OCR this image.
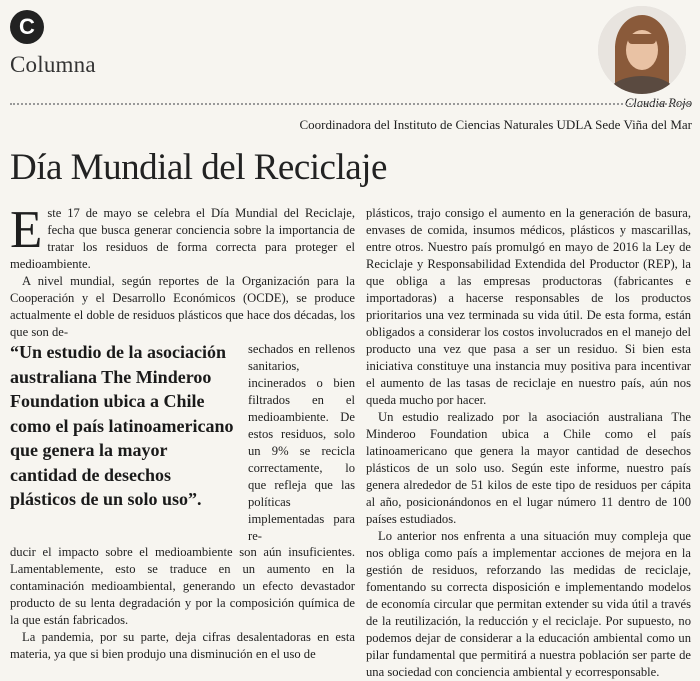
C
Columna
Claudia Rojo
Coordinadora del Instituto de Ciencias Naturales UDLA Sede Viña del Mar
Día Mundial del Reciclaje

Este 17 de mayo se celebra el Día Mundial del Reciclaje, fecha que busca generar conciencia sobre la importancia de tratar los residuos de forma correcta para proteger el medioambiente.

A nivel mundial, según reportes de la Organización para la Cooperación y el Desarrollo Económicos (OCDE), se produce actualmente el doble de residuos plásticos que hace dos décadas, los que son de-

“Un estudio de la asociación australiana The Minderoo Foundation ubica a Chile como el país latinoamericano que genera la mayor cantidad de desechos plásticos de un solo uso”.
sechados en rellenos sanitarios, incinerados o bien filtrados en el medioambiente. De estos residuos, solo un 9% se recicla correctamente, lo que refleja que las políticas implementadas para re-

ducir el impacto sobre el medioambiente son aún insuficientes. Lamentablemente, esto se traduce en un aumento en la contaminación medioambiental, generando un efecto devastador producto de su lenta degradación y por la composición química de la que están fabricados.

La pandemia, por su parte, deja cifras desalentadoras en esta materia, ya que si bien produjo una disminución en el uso de

plásticos, trajo consigo el aumento en la generación de basura, envases de comida, insumos médicos, plásticos y mascarillas, entre otros. Nuestro país promulgó en mayo de 2016 la Ley de Reciclaje y Responsabilidad Extendida del Productor (REP), la que obliga a las empresas productoras (fabricantes e importadoras) a hacerse responsables de los productos prioritarios una vez terminada su vida útil. De esta forma, están obligados a considerar los costos involucrados en el manejo del producto una vez que pasa a ser un residuo. Si bien esta iniciativa constituye una instancia muy positiva para incentivar el aumento de las tasas de reciclaje en nuestro país, aún nos queda mucho por hacer.

Un estudio realizado por la asociación australiana The Minderoo Foundation ubica a Chile como el país latinoamericano que genera la mayor cantidad de desechos plásticos de un solo uso. Según este informe, nuestro país genera alrededor de 51 kilos de este tipo de residuos per cápita al año, posicionándonos en el lugar número 11 dentro de 100 países estudiados.

Lo anterior nos enfrenta a una situación muy compleja que nos obliga como país a implementar acciones de mejora en la gestión de residuos, reforzando las medidas de reciclaje, fomentando su correcta disposición e implementando modelos de economía circular que permitan extender su vida útil a través de la reutilización, la reducción y el reciclaje. Por supuesto, no podemos dejar de considerar a la educación ambiental como un pilar fundamental que permitirá a nuestra población ser parte de una sociedad con conciencia ambiental y ecorresponsable.
